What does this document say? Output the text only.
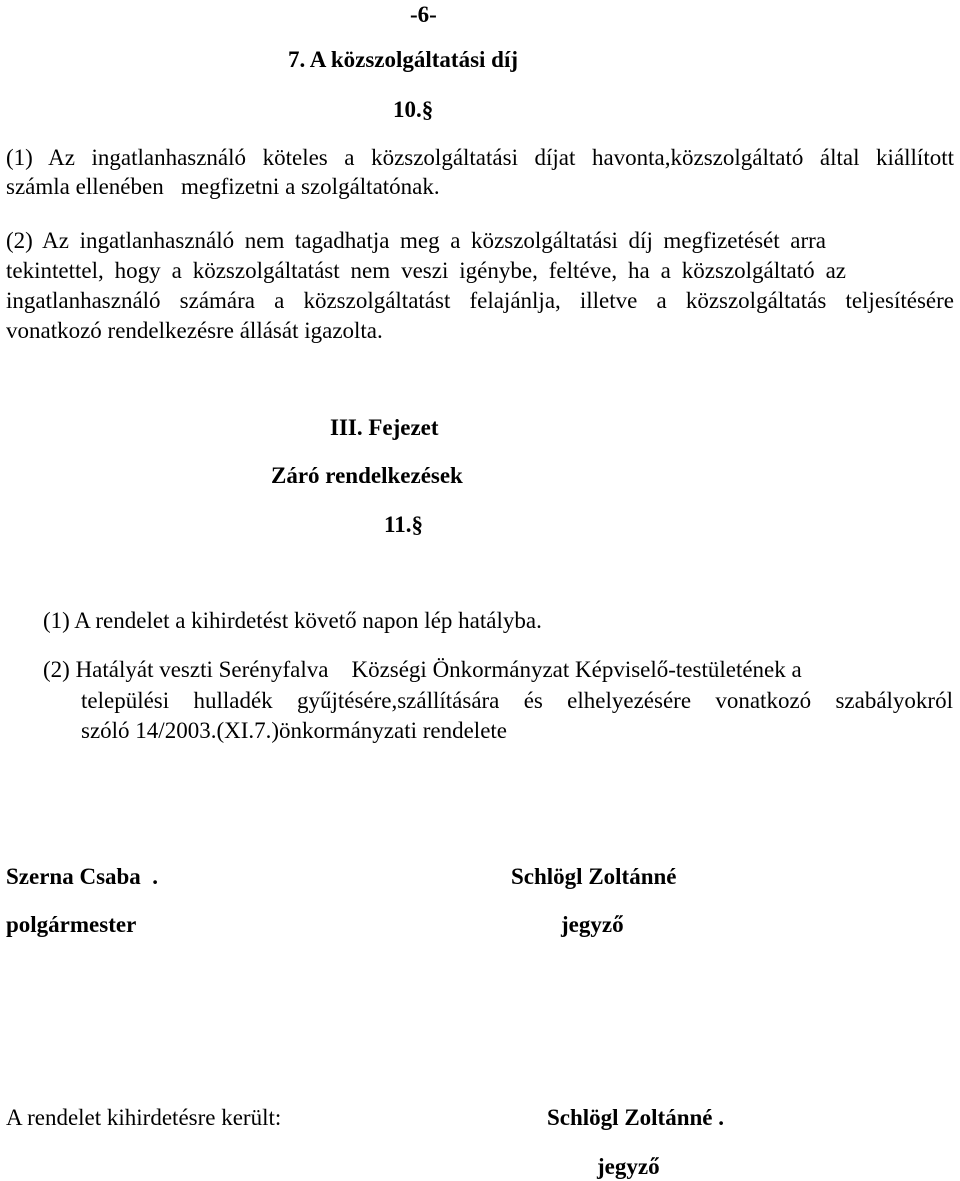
-6-
7. A közszolgáltatási díj
10.§
(1) Az ingatlanhasználó köteles a közszolgáltatási díjat havonta,közszolgáltató által kiállított
számla ellenében   megfizetni a szolgáltatónak.
(2) Az ingatlanhasználó nem tagadhatja meg a közszolgáltatási díj megfizetését arra
tekintettel, hogy a közszolgáltatást nem veszi igénybe, feltéve, ha a közszolgáltató az
ingatlanhasználó számára a közszolgáltatást felajánlja, illetve a közszolgáltatás teljesítésére
vonatkozó rendelkezésre állását igazolta.
III. Fejezet
Záró rendelkezések
11.§
(1) A rendelet a kihirdetést követő napon lép hatályba.
(2) Hatályát veszti Serényfalva    Községi Önkormányzat Képviselő-testületének a
települési hulladék gyűjtésére,szállítására és elhelyezésére vonatkozó szabályokról
szóló 14/2003.(XI.7.)önkormányzati rendelete
Szerna Csaba  .	Schlögl Zoltánné
polgármester	jegyző
A rendelet kihirdetésre került:	Schlögl Zoltánné .
jegyző
